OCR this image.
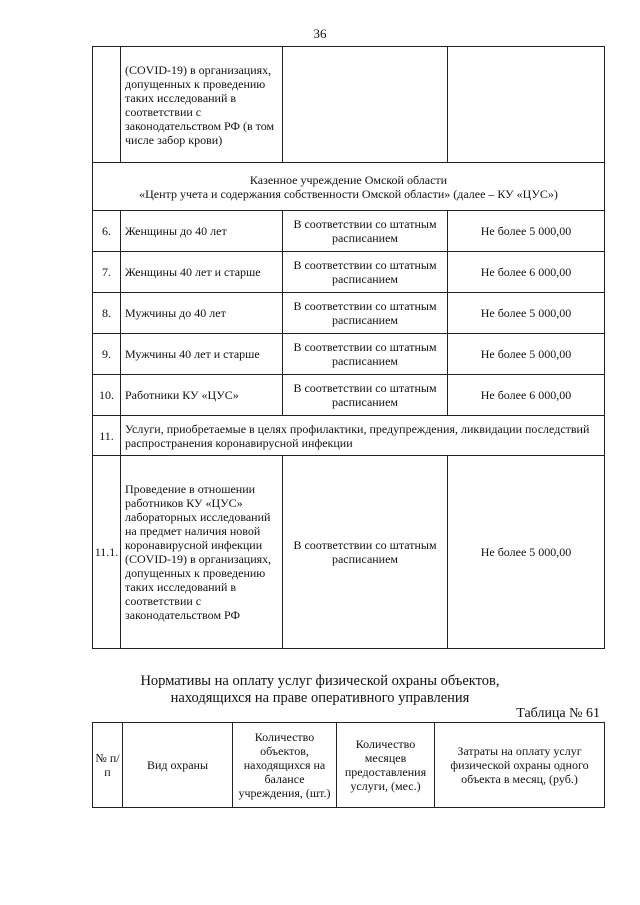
36
	(COVID-19) в организациях, допущенных к проведению таких исследований в соответствии с законодательством РФ (в том числе забор крови)		

Казенное учреждение Омской области
«Центр учета и содержания собственности Омской области» (далее – КУ «ЦУС»)			

6.	Женщины до 40 лет	В соответствии со штатным расписанием	Не более 5 000,00
7.	Женщины 40 лет и старше	В соответствии со штатным расписанием	Не более 6 000,00
8.	Мужчины до 40 лет	В соответствии со штатным расписанием	Не более 5 000,00
9.	Мужчины 40 лет и старше	В соответствии со штатным расписанием	Не более 5 000,00
10.	Работники КУ «ЦУС»	В соответствии со штатным расписанием	Не более 6 000,00
11.	Услуги, приобретаемые в целях профилактики, предупреждения, ликвидации последствий распространения коронавирусной инфекции		
11.1.	Проведение в отношении работников КУ «ЦУС» лабораторных исследований на предмет наличия новой коронавирусной инфекции (COVID-19) в организациях, допущенных к проведению таких исследований в соответствии с законодательством РФ	В соответствии со штатным расписанием	Не более 5 000,00
Нормативы на оплату услуг физической охраны объектов,
находящихся на праве оперативного управления
Таблица № 61
№ п/п	Вид охраны	Количество объектов, находящихся на балансе учреждения, (шт.)	Количество месяцев предоставления услуги, (мес.)	Затраты на оплату услуг физической охраны одного объекта в месяц, (руб.)
